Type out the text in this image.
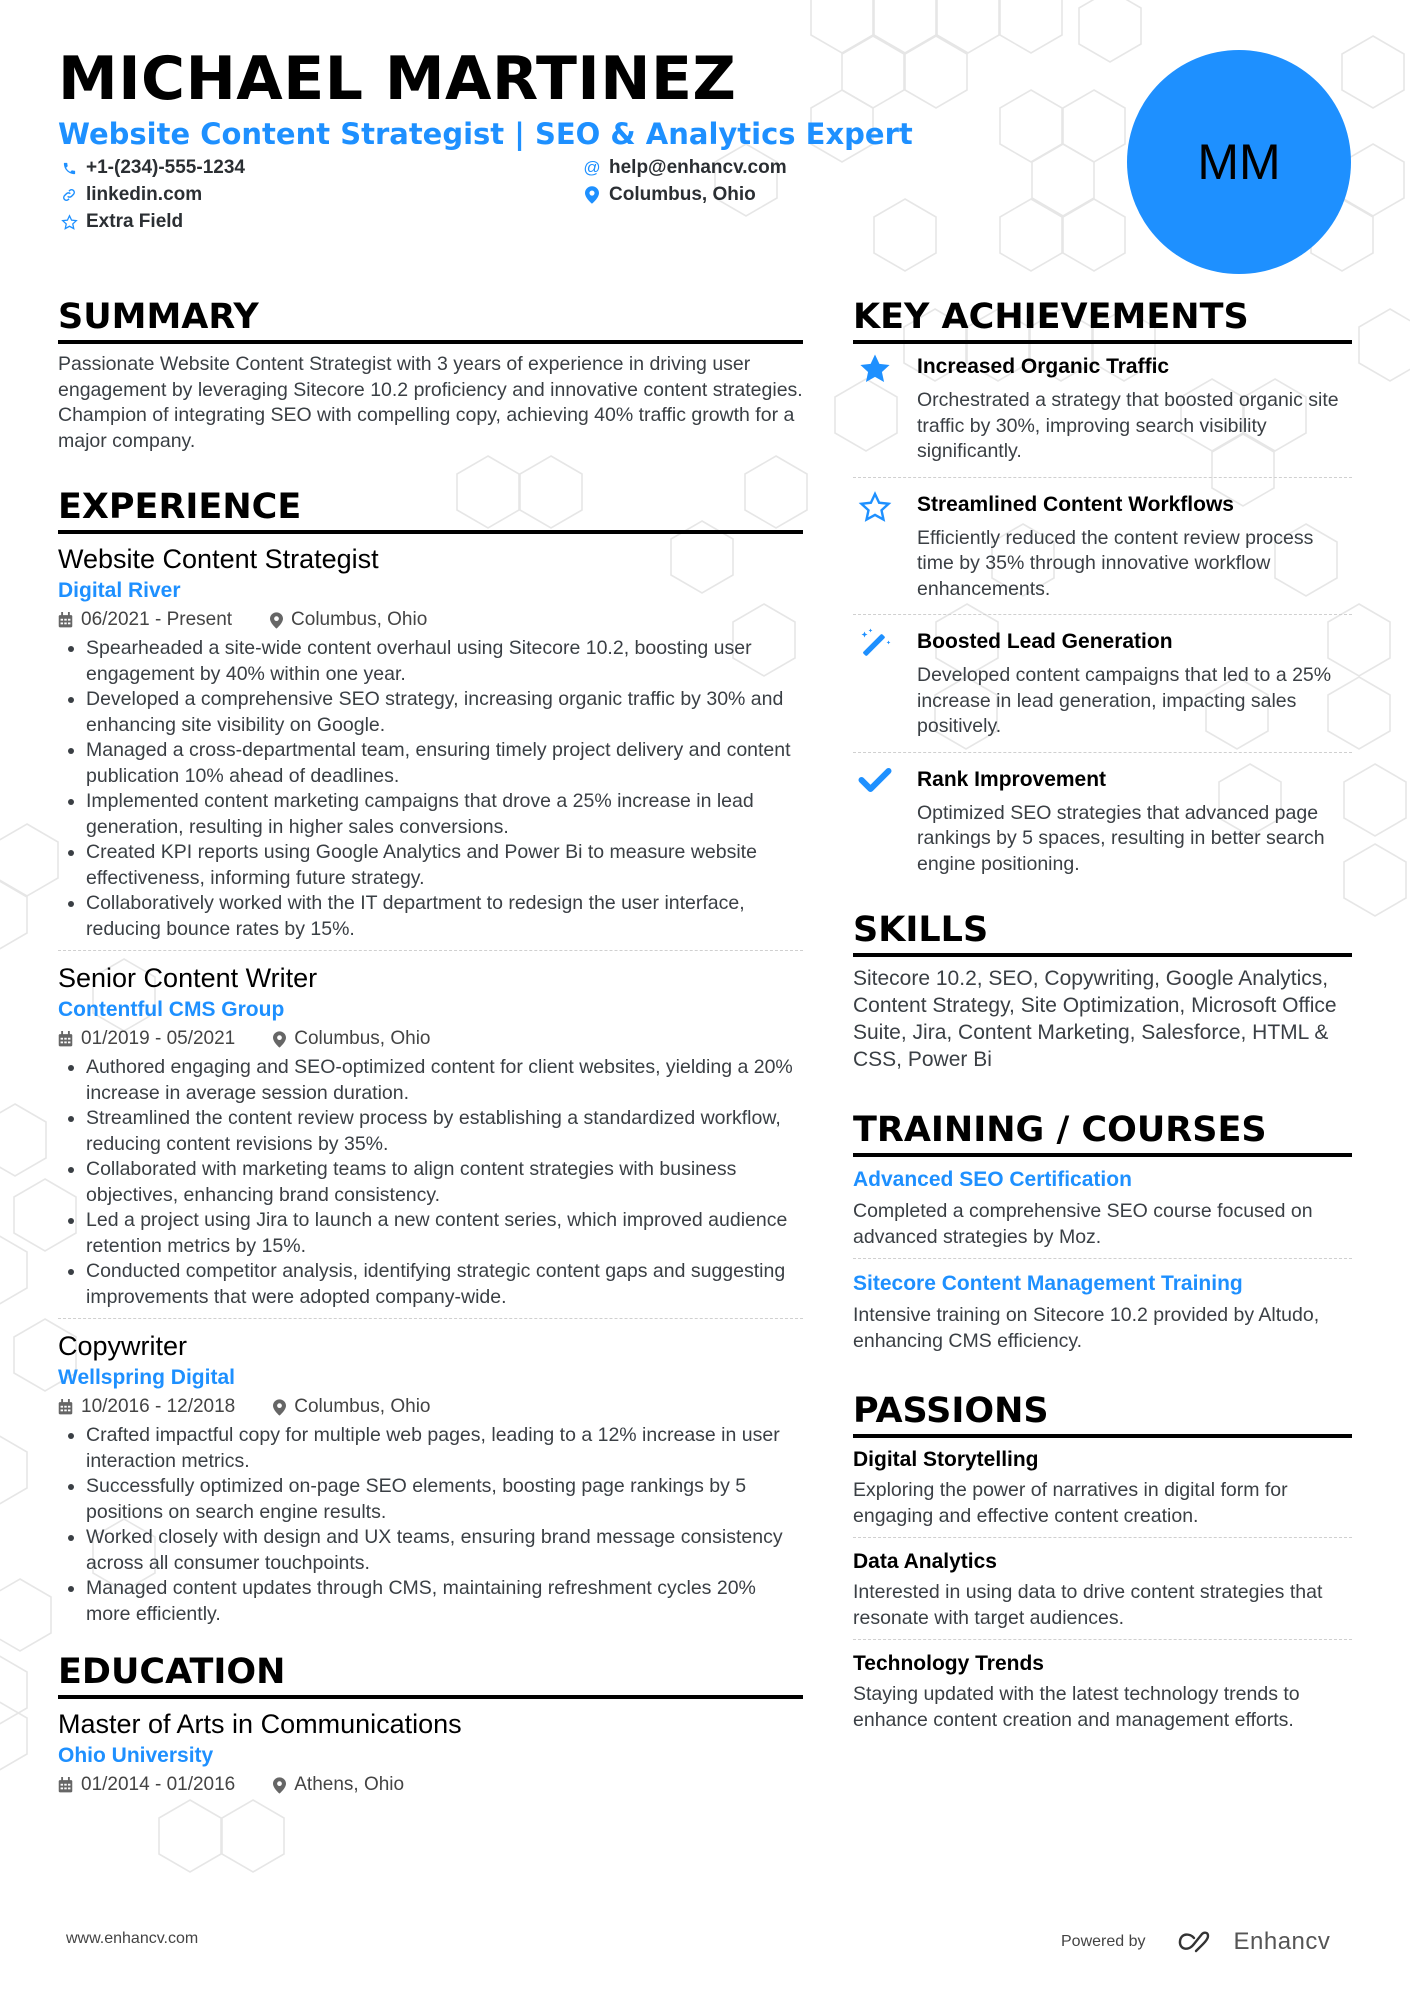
MICHAEL MARTINEZ
Website Content Strategist | SEO & Analytics Expert
+1-(234)-555-1234	@ help@enhancv.com
linkedin.com	Columbus, Ohio
Extra Field
MM
SUMMARY

Passionate Website Content Strategist with 3 years of experience in driving user engagement by leveraging Sitecore 10.2 proficiency and innovative content strategies. Champion of integrating SEO with compelling copy, achieving 40% traffic growth for a major company.

EXPERIENCE
Website Content Strategist
Digital River
06/2021 - Present	Columbus, Ohio
• Spearheaded a site-wide content overhaul using Sitecore 10.2, boosting user engagement by 40% within one year.
• Developed a comprehensive SEO strategy, increasing organic traffic by 30% and enhancing site visibility on Google.
• Managed a cross-departmental team, ensuring timely project delivery and content publication 10% ahead of deadlines.
• Implemented content marketing campaigns that drove a 25% increase in lead generation, resulting in higher sales conversions.
• Created KPI reports using Google Analytics and Power Bi to measure website effectiveness, informing future strategy.
• Collaboratively worked with the IT department to redesign the user interface, reducing bounce rates by 15%.
Senior Content Writer
Contentful CMS Group
01/2019 - 05/2021	Columbus, Ohio
• Authored engaging and SEO-optimized content for client websites, yielding a 20% increase in average session duration.
• Streamlined the content review process by establishing a standardized workflow, reducing content revisions by 35%.
• Collaborated with marketing teams to align content strategies with business objectives, enhancing brand consistency.
• Led a project using Jira to launch a new content series, which improved audience retention metrics by 15%.
• Conducted competitor analysis, identifying strategic content gaps and suggesting improvements that were adopted company-wide.
Copywriter
Wellspring Digital
10/2016 - 12/2018	Columbus, Ohio
• Crafted impactful copy for multiple web pages, leading to a 12% increase in user interaction metrics.
• Successfully optimized on-page SEO elements, boosting page rankings by 5 positions on search engine results.
• Worked closely with design and UX teams, ensuring brand message consistency across all consumer touchpoints.
• Managed content updates through CMS, maintaining refreshment cycles 20% more efficiently.
EDUCATION
Master of Arts in Communications
Ohio University
01/2014 - 01/2016	Athens, Ohio
KEY ACHIEVEMENTS
Increased Organic Traffic
Orchestrated a strategy that boosted organic site traffic by 30%, improving search visibility significantly.
Streamlined Content Workflows
Efficiently reduced the content review process time by 35% through innovative workflow enhancements.
Boosted Lead Generation
Developed content campaigns that led to a 25% increase in lead generation, impacting sales positively.
Rank Improvement
Optimized SEO strategies that advanced page rankings by 5 spaces, resulting in better search engine positioning.
SKILLS

Sitecore 10.2, SEO, Copywriting, Google Analytics, Content Strategy, Site Optimization, Microsoft Office Suite, Jira, Content Marketing, Salesforce, HTML & CSS, Power Bi

TRAINING / COURSES
Advanced SEO Certification
Completed a comprehensive SEO course focused on advanced strategies by Moz.
Sitecore Content Management Training
Intensive training on Sitecore 10.2 provided by Altudo, enhancing CMS efficiency.
PASSIONS
Digital Storytelling
Exploring the power of narratives in digital form for engaging and effective content creation.
Data Analytics
Interested in using data to drive content strategies that resonate with target audiences.
Technology Trends
Staying updated with the latest technology trends to enhance content creation and management efforts.
www.enhancv.com	Powered by	Enhancv
